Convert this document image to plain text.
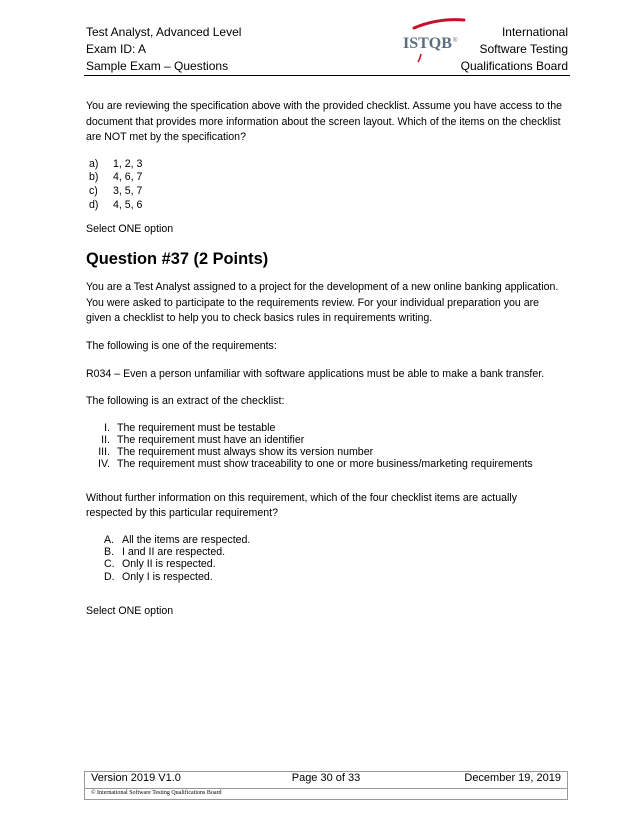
Test Analyst, Advanced Level
Exam ID: A
Sample Exam – Questions
ISTQB ®
International
Software Testing
Qualifications Board

You are reviewing the specification above with the provided checklist. Assume you have access to the document that provides more information about the screen layout. Which of the items on the checklist are NOT met by the specification?

a)	1, 2, 3
b)	4, 6, 7
c)	3, 5, 7
d)	4, 5, 6

Select ONE option

Question #37 (2 Points)

You are a Test Analyst assigned to a project for the development of a new online banking application. You were asked to participate to the requirements review. For your individual preparation you are given a checklist to help you to check basics rules in requirements writing.

The following is one of the requirements:

R034 – Even a person unfamiliar with software applications must be able to make a bank transfer.

The following is an extract of the checklist:

I. The requirement must be testable
II. The requirement must have an identifier
III. The requirement must always show its version number
IV. The requirement must show traceability to one or more business/marketing requirements

Without further information on this requirement, which of the four checklist items are actually respected by this particular requirement?

A. All the items are respected.
B. I and II are respected.
C. Only II is respected.
D. Only I is respected.

Select ONE option

Version 2019 V1.0	Page 30 of 33	December 19, 2019
© International Software Testing Qualifications Board
